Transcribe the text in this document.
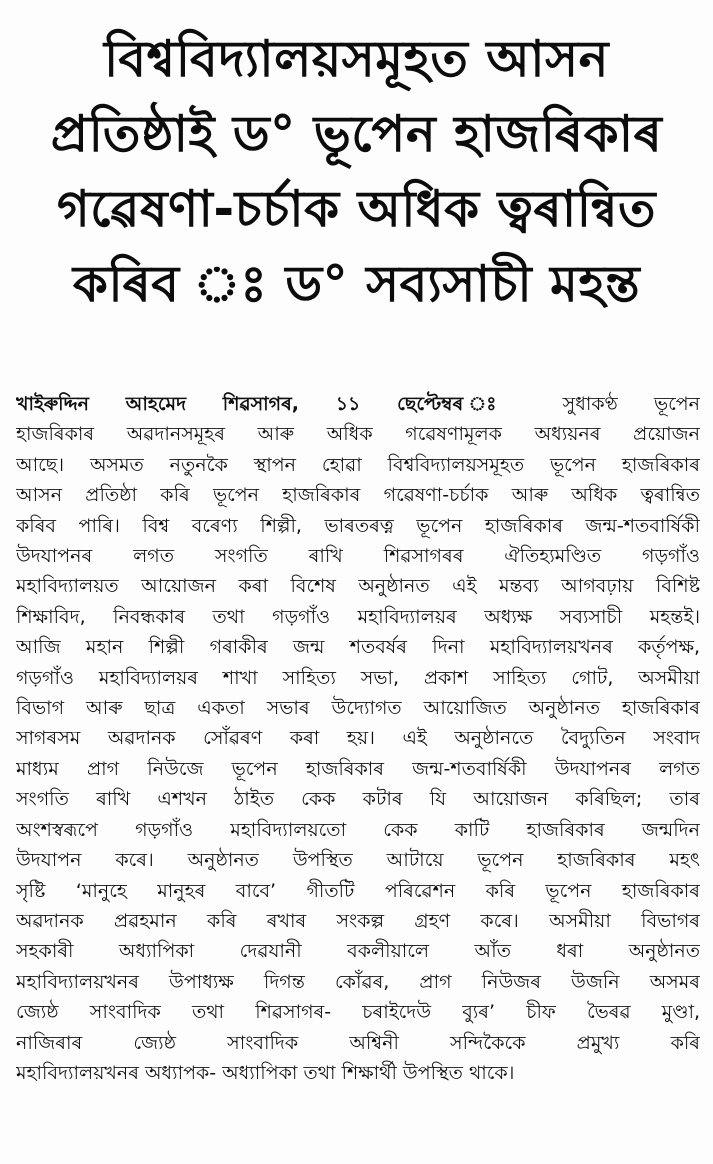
বিশ্ববিদ্যালয়সমূহত আসন
প্ৰতিষ্ঠাই ড° ভূপেন হাজৰিকাৰ
গৱেষণা-চৰ্চাক অধিক ত্বৰান্বিত
কৰিব ঃ ড° সব্যসাচী মহন্ত
খাইৰুদ্দিন আহমেদ শিৱসাগৰ, ১১ ছেপ্টেম্বৰ ঃ সুধাকণ্ঠ ভূপেন
হাজৰিকাৰ অৱদানসমূহৰ আৰু অধিক গৱেষণামূলক অধ্যয়নৰ প্ৰয়োজন
আছে। অসমত নতুনকৈ স্থাপন হোৱা বিশ্ববিদ্যালয়সমূহত ভূপেন হাজৰিকাৰ
আসন প্ৰতিষ্ঠা কৰি ভূপেন হাজৰিকাৰ গৱেষণা-চৰ্চাক আৰু অধিক ত্বৰান্বিত
কৰিব পাৰি। বিশ্ব বৰেণ্য শিল্পী, ভাৰতৰত্ন ভূপেন হাজৰিকাৰ জন্ম-শতবাৰ্ষিকী
উদযাপনৰ লগত সংগতি ৰাখি শিৱসাগৰৰ ঐতিহ্যমণ্ডিত গড়গাঁও
মহাবিদ্যালয়ত আয়োজন কৰা বিশেষ অনুষ্ঠানত এই মন্তব্য আগবঢ়ায় বিশিষ্ট
শিক্ষাবিদ, নিবন্ধকাৰ তথা গড়গাঁও মহাবিদ্যালয়ৰ অধ্যক্ষ সব্যসাচী মহন্তই।
আজি মহান শিল্পী গৰাকীৰ জন্ম শতবৰ্ষৰ দিনা মহাবিদ্যালয়খনৰ কৰ্তৃপক্ষ,
গড়গাঁও মহাবিদ্যালয়ৰ শাখা সাহিত্য সভা, প্ৰকাশ সাহিত্য গোট, অসমীয়া
বিভাগ আৰু ছাত্ৰ একতা সভাৰ উদ্যোগত আয়োজিত অনুষ্ঠানত হাজৰিকাৰ
সাগৰসম অৱদানক সোঁৱৰণ কৰা হয়। এই অনুষ্ঠানতে বৈদ্যুতিন সংবাদ
মাধ্যম প্ৰাগ নিউজে ভূপেন হাজৰিকাৰ জন্ম-শতবাৰ্ষিকী উদযাপনৰ লগত
সংগতি ৰাখি এশখন ঠাইত কেক কটাৰ যি আয়োজন কৰিছিল; তাৰ
অংশস্বৰূপে গড়গাঁও মহাবিদ্যালয়তো কেক কাটি হাজৰিকাৰ জন্মদিন
উদযাপন কৰে। অনুষ্ঠানত উপস্থিত আটায়ে ভূপেন হাজৰিকাৰ মহৎ
সৃষ্টি ‘মানুহে মানুহৰ বাবে’ গীতটি পৰিৱেশন কৰি ভূপেন হাজৰিকাৰ
অৱদানক প্ৰৱহমান কৰি ৰখাৰ সংকল্প গ্ৰহণ কৰে। অসমীয়া বিভাগৰ
সহকাৰী অধ্যাপিকা দেৱযানী বকলীয়ালে আঁত ধৰা অনুষ্ঠানত
মহাবিদ্যালয়খনৰ উপাধ্যক্ষ দিগন্ত কোঁৱৰ, প্ৰাগ নিউজৰ উজনি অসমৰ
জ্যেষ্ঠ সাংবাদিক তথা শিৱসাগৰ- চৰাইদেউ ব্যুৰ’ চীফ ভৈৰৱ মুণ্ডা,
নাজিৰাৰ জ্যেষ্ঠ সাংবাদিক অশ্বিনী সন্দিকৈকে প্ৰমুখ্য কৰি
মহাবিদ্যালয়খনৰ অধ্যাপক- অধ্যাপিকা তথা শিক্ষাৰ্থী উপস্থিত থাকে।
